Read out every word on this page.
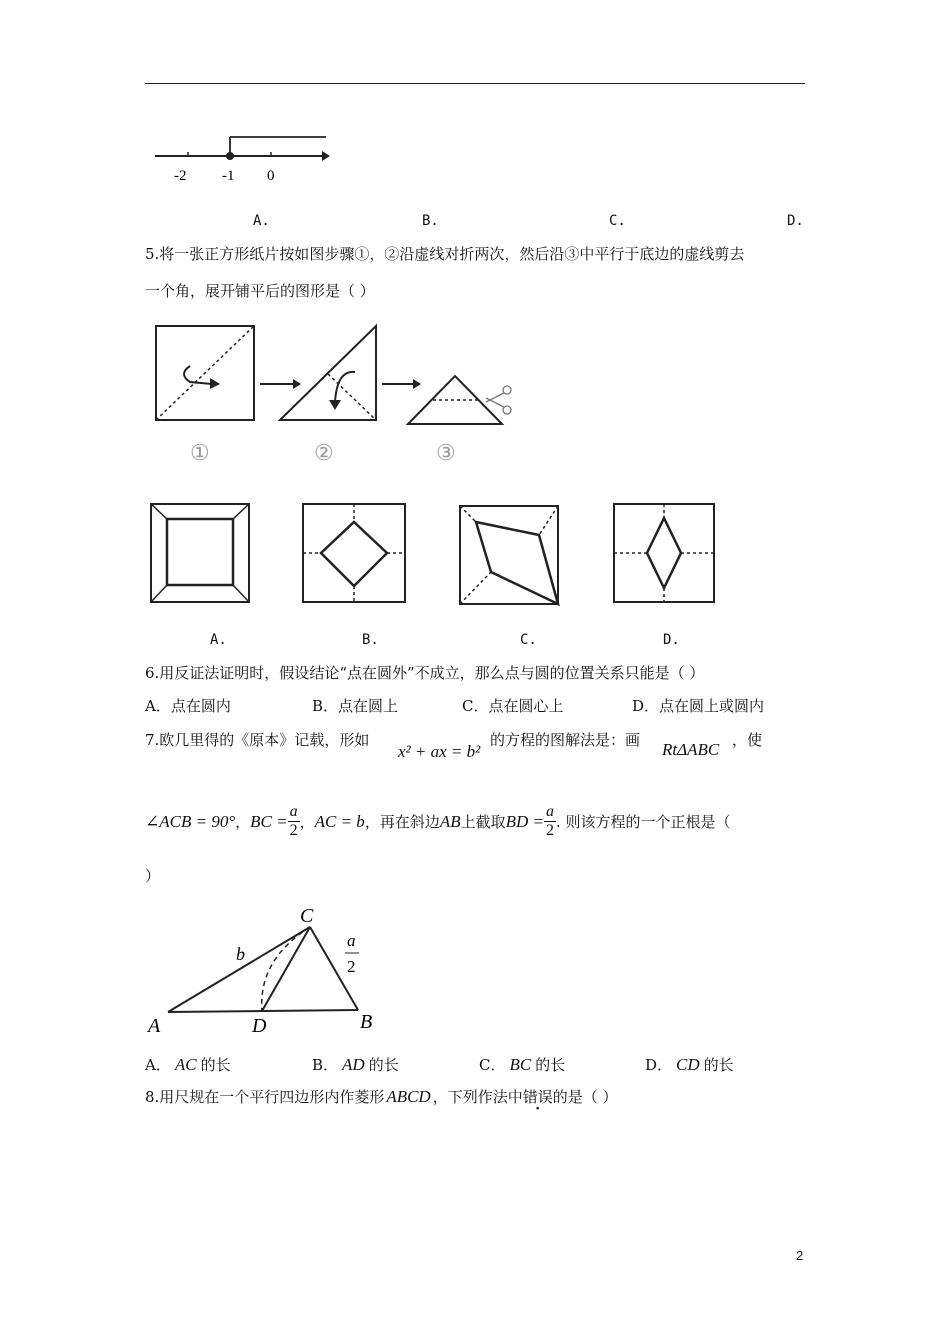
-2 -1 0
A.	B.	C.	D.
5.将一张正方形纸片按如图步骤①，②沿虚线对折两次，然后沿③中平行于底边的虚线剪去
一个角，展开铺平后的图形是（ ）
①	②	③
A.	B.	C.	D.
6.用反证法证明时，假设结论“点在圆外”不成立，那么点与圆的位置关系只能是（ ）
A．点在圆内	B．点在圆上	C．点在圆心上	D．点在圆上或圆内
7.欧几里得的《原本》记载，形如
x² + ax = b²
的方程的图解法是：画 RtΔABC ，使
∠ACB = 90° ， BC = $\frac{a}{2}$ ， AC = b ，再在斜边 AB 上截取 BD = $\frac{a}{2}$ . 则该方程的一个正根是（
）
C
b
a
2
A	D	B
A． AC 的长	B． AD 的长	C． BC 的长	D． CD 的长
8.用尺规在一个平行四边形内作菱形 ABCD ，下列作法中 错误 · 的是（ ）
2
